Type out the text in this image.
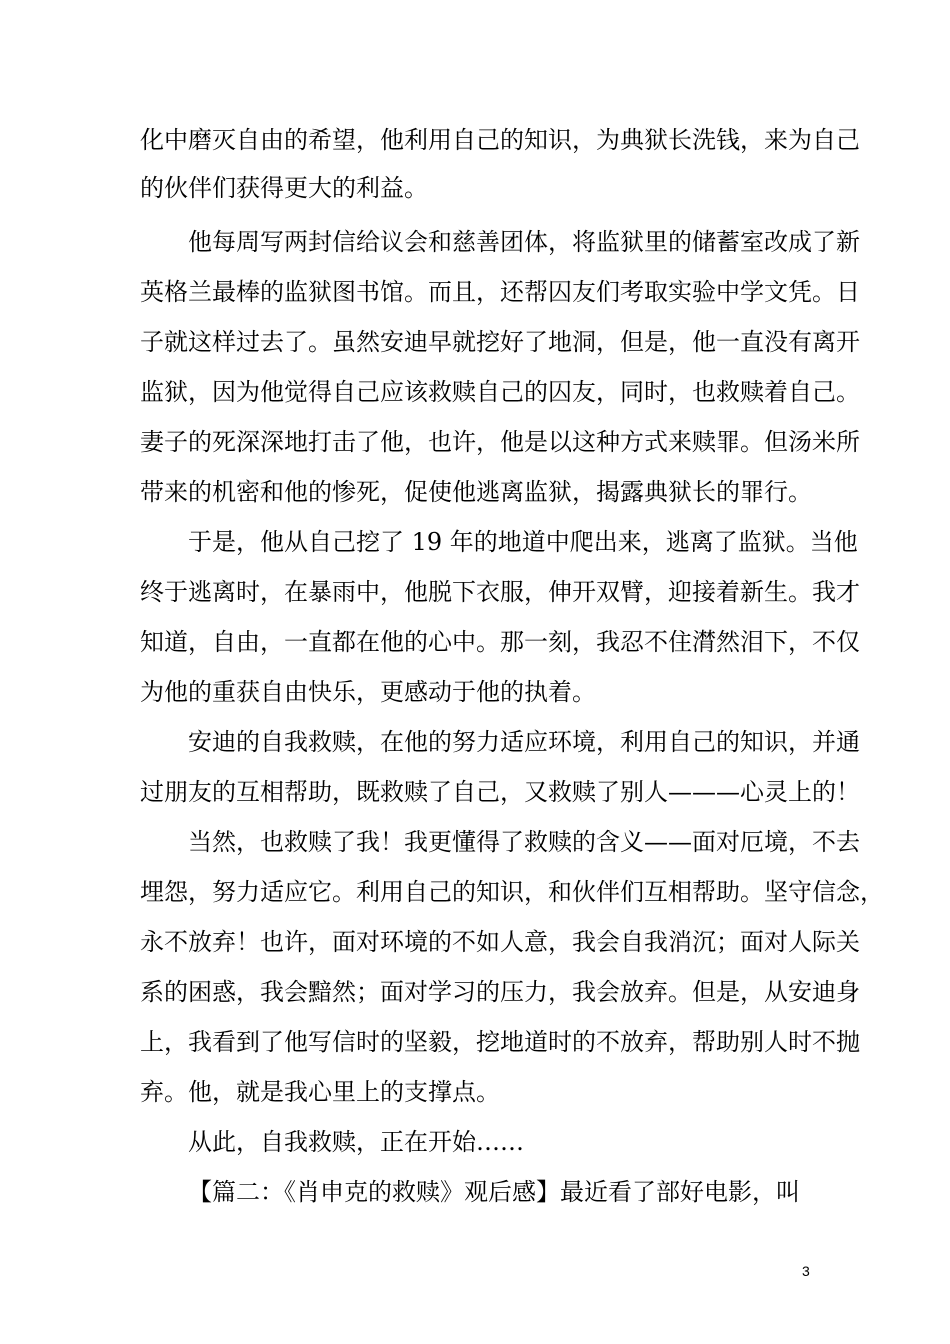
化中磨灭自由的希望，他利用自己的知识，为典狱长洗钱，来为自己
的伙伴们获得更大的利益。
他每周写两封信给议会和慈善团体，将监狱里的储蓄室改成了新
英格兰最棒的监狱图书馆。而且，还帮囚友们考取实验中学文凭。日
子就这样过去了。虽然安迪早就挖好了地洞，但是，他一直没有离开
监狱，因为他觉得自己应该救赎自己的囚友，同时，也救赎着自己。
妻子的死深深地打击了他，也许，他是以这种方式来赎罪。但汤米所
带来的机密和他的惨死，促使他逃离监狱，揭露典狱长的罪行。
于是，他从自己挖了 19 年的地道中爬出来，逃离了监狱。当他
终于逃离时，在暴雨中，他脱下衣服，伸开双臂，迎接着新生。我才
知道，自由，一直都在他的心中。那一刻，我忍不住潸然泪下，不仅
为他的重获自由快乐，更感动于他的执着。
安迪的自我救赎，在他的努力适应环境，利用自己的知识，并通
过朋友的互相帮助，既救赎了自己，又救赎了别人———心灵上的！
当然，也救赎了我！我更懂得了救赎的含义——面对厄境，不去
埋怨，努力适应它。利用自己的知识，和伙伴们互相帮助。坚守信念，
永不放弃！也许，面对环境的不如人意，我会自我消沉；面对人际关
系的困惑，我会黯然；面对学习的压力，我会放弃。但是，从安迪身
上，我看到了他写信时的坚毅，挖地道时的不放弃，帮助别人时不抛
弃。他，就是我心里上的支撑点。
从此，自我救赎，正在开始……
【篇二：《肖申克的救赎》观后感】最近看了部好电影，叫
3
